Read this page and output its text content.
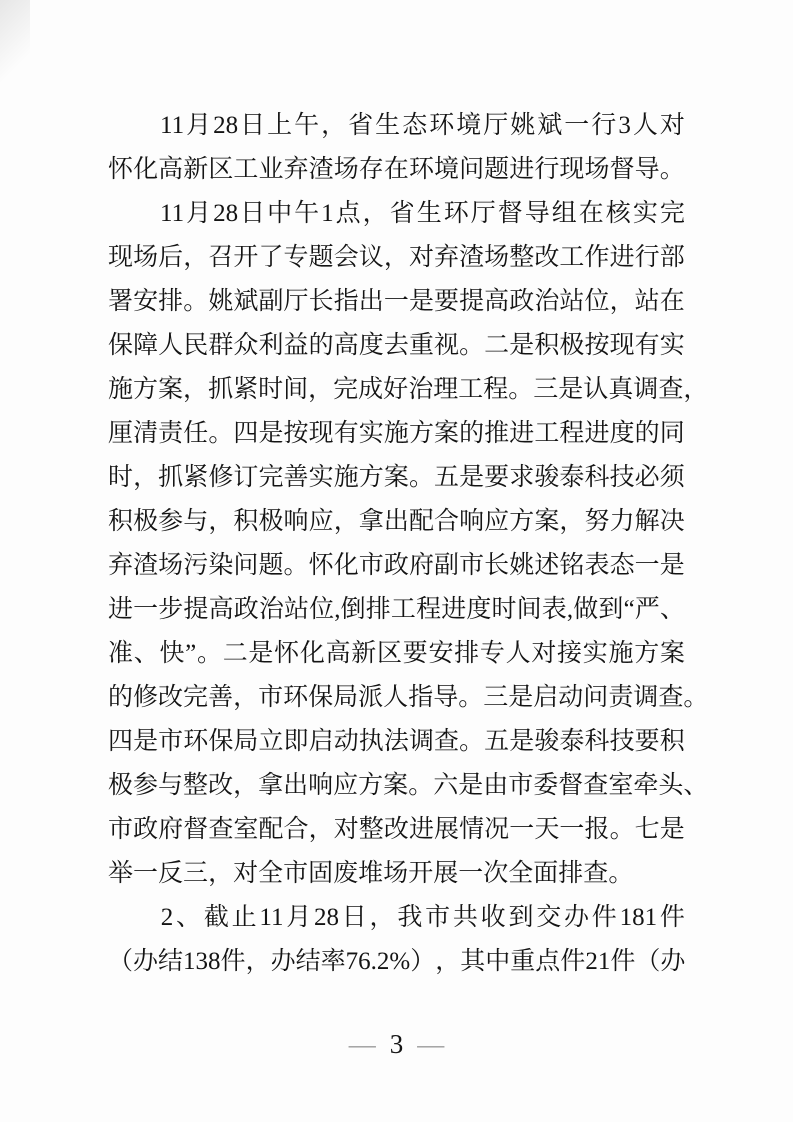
11 月 28 日 上 午 ， 省 生 态 环 境 厅 姚 斌 一 行 3 人 对
怀 化 高 新 区 工 业 弃 渣 场 存 在 环 境 问 题 进 行 现 场 督 导 。
11 月 28 日 中 午 1 点 ， 省 生 环 厅 督 导 组 在 核 实 完
现 场 后 ， 召 开 了 专 题 会 议 ， 对 弃 渣 场 整 改 工 作 进 行 部
署 安 排 。 姚 斌 副 厅 长 指 出 一 是 要 提 高 政 治 站 位 ， 站 在
保 障 人 民 群 众 利 益 的 高 度 去 重 视 。 二 是 积 极 按 现 有 实
施 方 案 ， 抓 紧 时 间 ， 完 成 好 治 理 工 程 。 三 是 认 真 调 查 ，
厘 清 责 任 。 四 是 按 现 有 实 施 方 案 的 推 进 工 程 进 度 的 同
时 ， 抓 紧 修 订 完 善 实 施 方 案 。 五 是 要 求 骏 泰 科 技 必 须
积 极 参 与 ， 积 极 响 应 ， 拿 出 配 合 响 应 方 案 ， 努 力 解 决
弃 渣 场 污 染 问 题 。 怀 化 市 政 府 副 市 长 姚 述 铭 表 态 一 是
进 一 步 提 高 政 治 站 位 , 倒 排 工 程 进 度 时 间 表 , 做 到 “ 严 、
准 、 快 ” 。 二 是 怀 化 高 新 区 要 安 排 专 人 对 接 实 施 方 案
的 修 改 完 善 ， 市 环 保 局 派 人 指 导 。 三 是 启 动 问 责 调 查 。
四 是 市 环 保 局 立 即 启 动 执 法 调 查 。 五 是 骏 泰 科 技 要 积
极 参 与 整 改 ， 拿 出 响 应 方 案 。 六 是 由 市 委 督 查 室 牵 头 、
市 政 府 督 查 室 配 合 ， 对 整 改 进 展 情 况 一 天 一 报 。 七 是
举 一 反 三 ， 对 全 市 固 废 堆 场 开 展 一 次 全 面 排 查 。
2 、 截 止 11 月 28 日 ， 我 市 共 收 到 交 办 件 181 件
（ 办 结 138 件 ， 办 结 率 76.2% ） ， 其 中 重 点 件 21 件 （ 办
— 3 —
